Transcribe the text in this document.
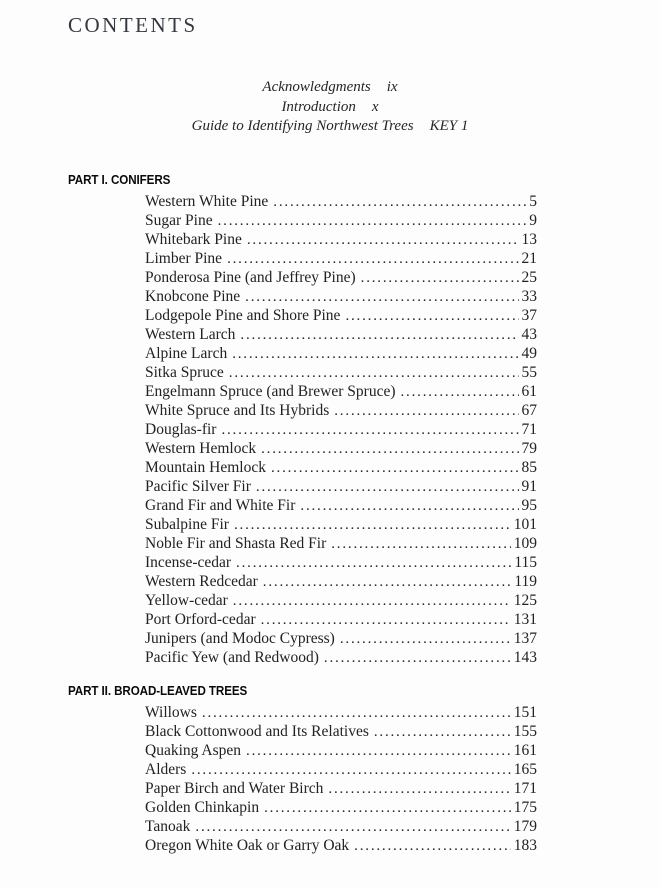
CONTENTS
Acknowledgments ix
Introduction x
Guide to Identifying Northwest Trees KEY 1
PART I. CONIFERS
Western White Pine .....	5
Sugar Pine .....	9
Whitebark Pine .....	13
Limber Pine .....	21
Ponderosa Pine (and Jeffrey Pine) .....	25
Knobcone Pine .....	33
Lodgepole Pine and Shore Pine .....	37
Western Larch .....	43
Alpine Larch .....	49
Sitka Spruce .....	55
Engelmann Spruce (and Brewer Spruce) .....	61
White Spruce and Its Hybrids .....	67
Douglas-fir .....	71
Western Hemlock .....	79
Mountain Hemlock .....	85
Pacific Silver Fir .....	91
Grand Fir and White Fir .....	95
Subalpine Fir .....	101
Noble Fir and Shasta Red Fir .....	109
Incense-cedar .....	115
Western Redcedar .....	119
Yellow-cedar .....	125
Port Orford-cedar .....	131
Junipers (and Modoc Cypress) .....	137
Pacific Yew (and Redwood) .....	143
PART II. BROAD-LEAVED TREES
Willows .....	151
Black Cottonwood and Its Relatives .....	155
Quaking Aspen .....	161
Alders .....	165
Paper Birch and Water Birch .....	171
Golden Chinkapin .....	175
Tanoak .....	179
Oregon White Oak or Garry Oak .....	183
